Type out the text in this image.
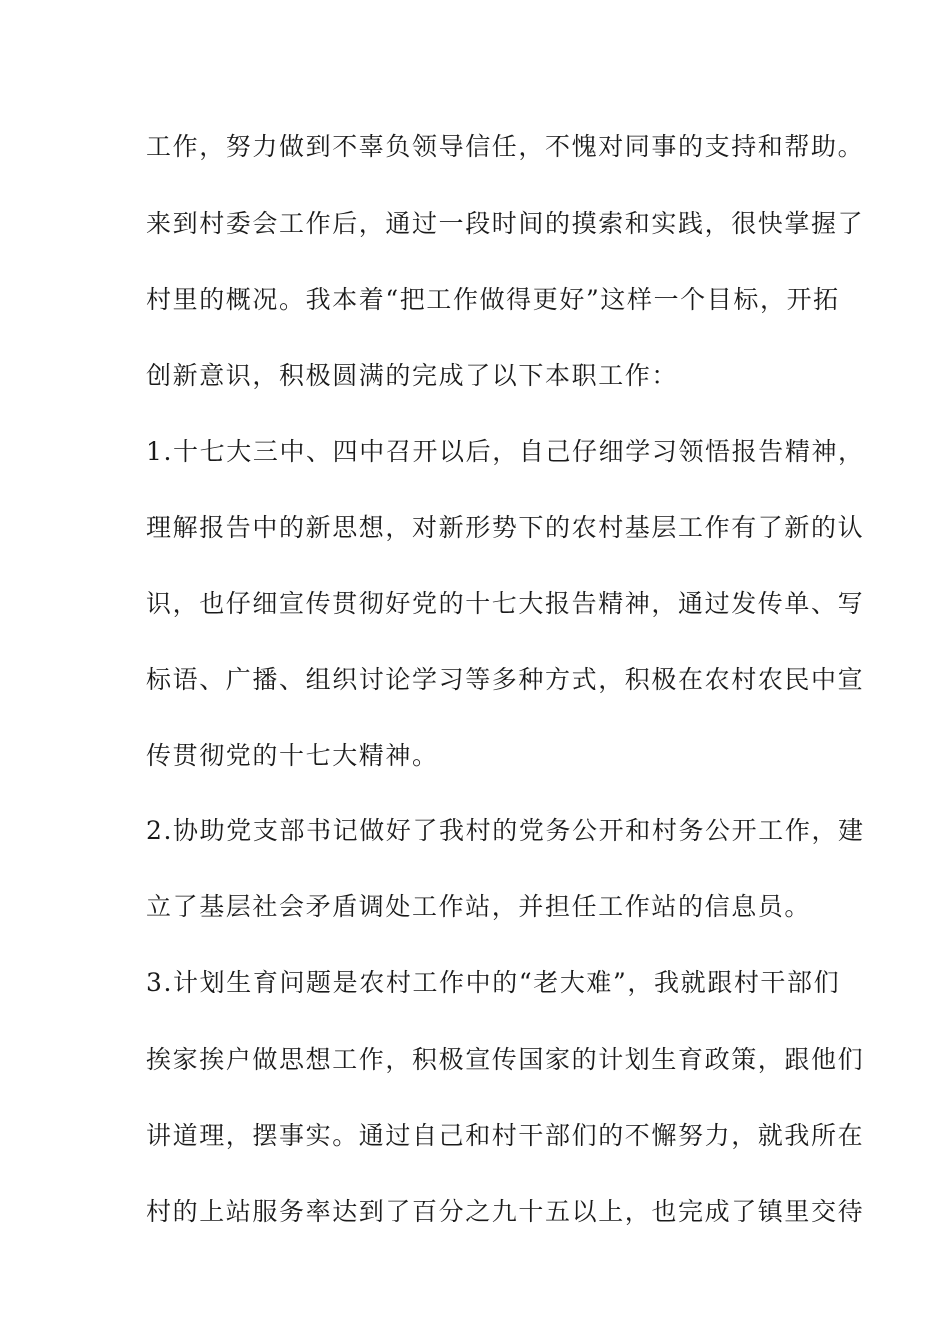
工作，努力做到不辜负领导信任，不愧对同事的支持和帮助。
来到村委会工作后，通过一段时间的摸索和实践，很快掌握了
村里的概况。我本着“把工作做得更好”这样一个目标，开拓
创新意识，积极圆满的完成了以下本职工作：
1.十七大三中、四中召开以后，自己仔细学习领悟报告精神，
理解报告中的新思想，对新形势下的农村基层工作有了新的认
识，也仔细宣传贯彻好党的十七大报告精神，通过发传单、写
标语、广播、组织讨论学习等多种方式，积极在农村农民中宣
传贯彻党的十七大精神。
2.协助党支部书记做好了我村的党务公开和村务公开工作，建
立了基层社会矛盾调处工作站，并担任工作站的信息员。
3.计划生育问题是农村工作中的“老大难”，我就跟村干部们
挨家挨户做思想工作，积极宣传国家的计划生育政策，跟他们
讲道理，摆事实。通过自己和村干部们的不懈努力，就我所在
村的上站服务率达到了百分之九十五以上，也完成了镇里交待
